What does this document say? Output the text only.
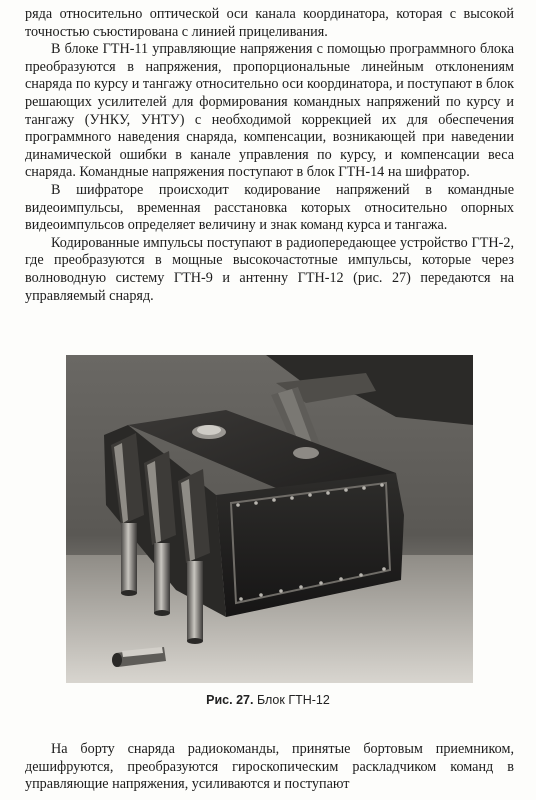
ряда относительно оптической оси канала координатора, которая с высокой точностью съюстирована с линией прицеливания.

В блоке ГТН-11 управляющие напряжения с помощью программного блока преобразуются в напряжения, пропорциональные линейным отклонениям снаряда по курсу и тангажу относительно оси координатора, и поступают в блок решающих усилителей для формирования командных напряжений по курсу и тангажу (УНКУ, УНТУ) с необходимой коррекцией их для обеспечения программного наведения снаряда, компенсации, возникающей при наведении динамической ошибки в канале управления по курсу, и компенсации веса снаряда. Командные напряжения поступают в блок ГТН-14 на шифратор.

В шифраторе происходит кодирование напряжений в командные видеоимпульсы, временная расстановка которых относительно опорных видеоимпульсов определяет величину и знак команд курса и тангажа.

Кодированные импульсы поступают в радиопередающее устройство ГТН-2, где преобразуются в мощные высокочастотные импульсы, которые через волноводную систему ГТН-9 и антенну ГТН-12 (рис. 27) передаются на управляемый снаряд.

Рис. 27. Блок ГТН-12

На борту снаряда радиокоманды, принятые бортовым приемником, дешифруются, преобразуются гироскопическим раскладчиком команд в управляющие напряжения, усиливаются и поступают
